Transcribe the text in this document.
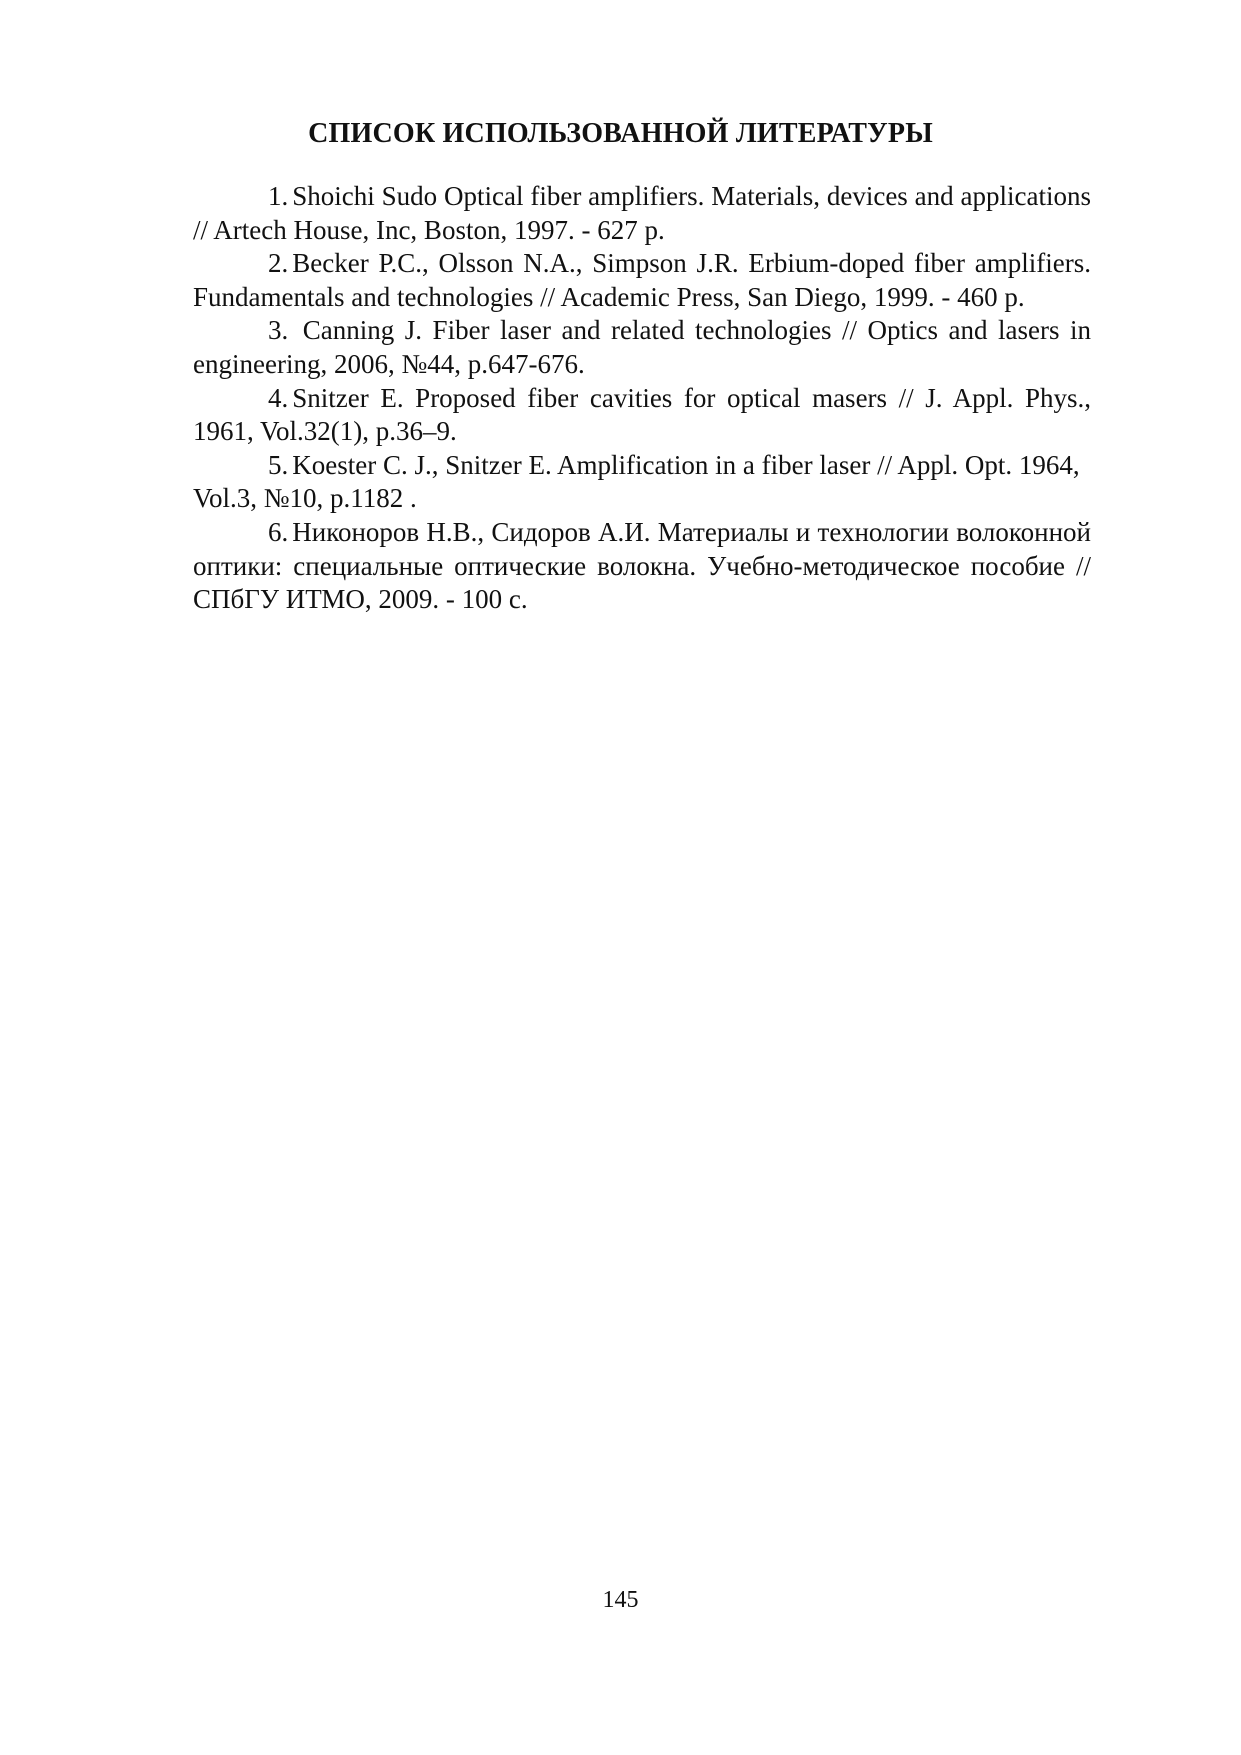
СПИСОК ИСПОЛЬЗОВАННОЙ ЛИТЕРАТУРЫ

1. Shoichi Sudo Optical fiber amplifiers. Materials, devices and applications // Artech House, Inc, Boston, 1997. - 627 p.

2. Becker P.C., Olsson N.A., Simpson J.R. Erbium-doped fiber amplifiers. Fundamentals and technologies // Academic Press, San Diego, 1999. - 460 p.

3. Canning J. Fiber laser and related technologies // Optics and lasers in engineering, 2006, №44, p.647-676.

4. Snitzer E. Proposed fiber cavities for optical masers // J. Appl. Phys., 1961, Vol.32(1), p.36–9.

5. Koester C. J., Snitzer E. Amplification in a fiber laser // Appl. Opt. 1964, Vol.3, №10, p.1182 .

6. Никоноров Н.В., Сидоров А.И. Материалы и технологии волоконной оптики: специальные оптические волокна. Учебно-методическое пособие // СПбГУ ИТМО, 2009. - 100 с.

145
